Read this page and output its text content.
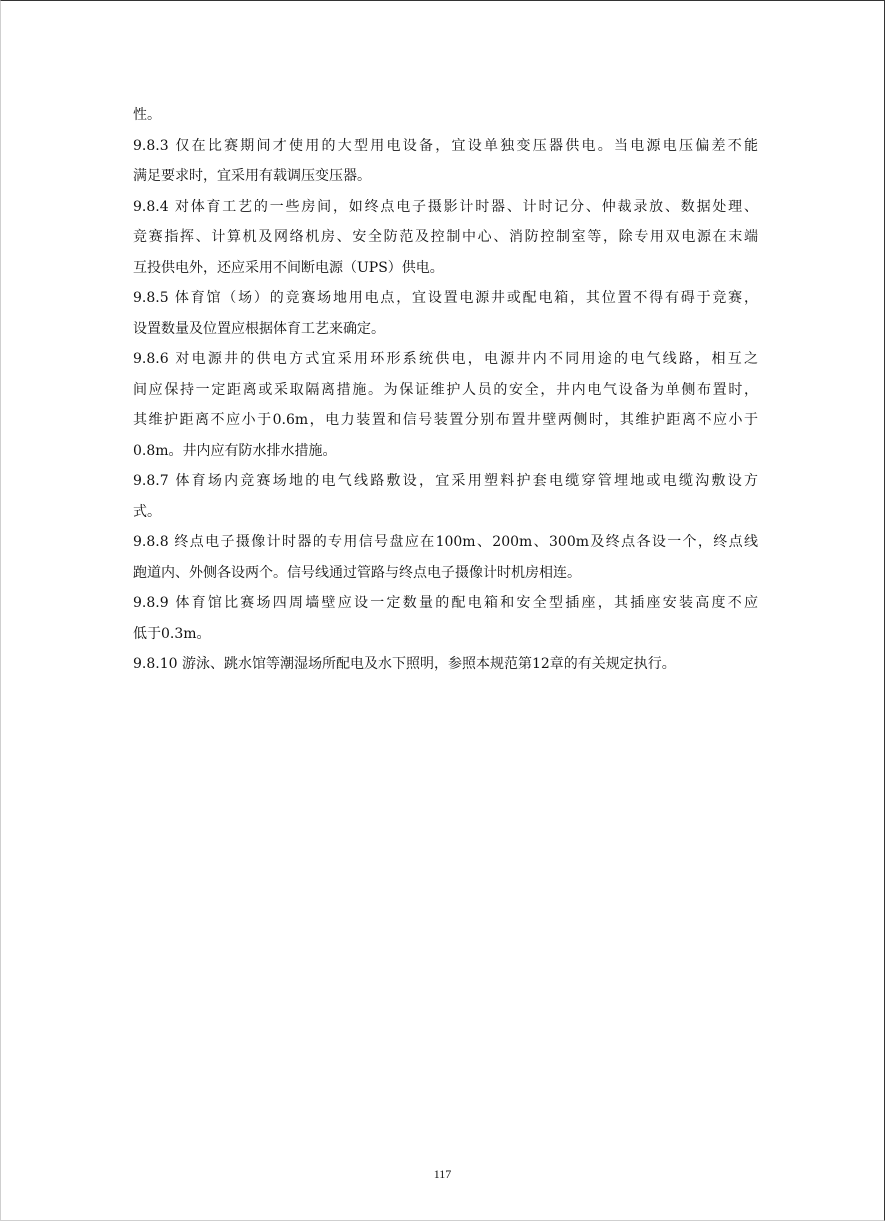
性。
9.8.3 仅在比赛期间才使用的大型用电设备，宜设单独变压器供电。当电源电压偏差不能
满足要求时，宜采用有载调压变压器。
9.8.4 对体育工艺的一些房间，如终点电子摄影计时器、计时记分、仲裁录放、数据处理、
竞赛指挥、计算机及网络机房、安全防范及控制中心、消防控制室等，除专用双电源在末端
互投供电外，还应采用不间断电源（UPS）供电。
9.8.5 体育馆（场）的竞赛场地用电点，宜设置电源井或配电箱，其位置不得有碍于竞赛，
设置数量及位置应根据体育工艺来确定。
9.8.6 对电源井的供电方式宜采用环形系统供电，电源井内不同用途的电气线路，相互之
间应保持一定距离或采取隔离措施。为保证维护人员的安全，井内电气设备为单侧布置时，
其维护距离不应小于0.6m，电力装置和信号装置分别布置井壁两侧时，其维护距离不应小于
0.8m。井内应有防水排水措施。
9.8.7 体育场内竞赛场地的电气线路敷设，宜采用塑料护套电缆穿管埋地或电缆沟敷设方
式。
9.8.8 终点电子摄像计时器的专用信号盘应在100m、200m、300m及终点各设一个，终点线
跑道内、外侧各设两个。信号线通过管路与终点电子摄像计时机房相连。
9.8.9 体育馆比赛场四周墙壁应设一定数量的配电箱和安全型插座，其插座安装高度不应
低于0.3m。
9.8.10 游泳、跳水馆等潮湿场所配电及水下照明，参照本规范第12章的有关规定执行。
117
